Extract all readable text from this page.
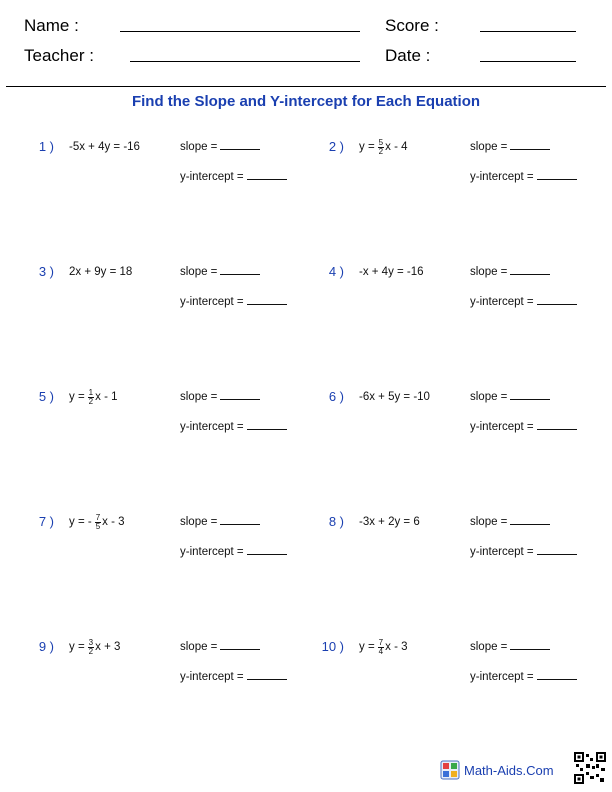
Name :
Teacher :
Score :
Date :
Find the Slope and Y-intercept for Each Equation
1 ) -5x + 4y = -16	slope =
y-intercept =
2 ) $y = \frac{5}{2}$ x - 4	slope =
y-intercept =
3 ) 2x + 9y = 18	slope =
y-intercept =
4 ) -x + 4y = -16	slope =
y-intercept =
5 ) $y = \frac{1}{2}$ x - 1	slope =
y-intercept =
6 ) -6x + 5y = -10	slope =
y-intercept =
7 ) y = - $\frac{7}{5}$ x - 3	slope =
y-intercept =
8 ) -3x + 2y = 6	slope =
y-intercept =
9 ) $y = \frac{3}{2}$ x + 3	slope =
y-intercept =
10 ) $y = \frac{7}{4}$ x - 3	slope =
y-intercept =
Math-Aids.Com
